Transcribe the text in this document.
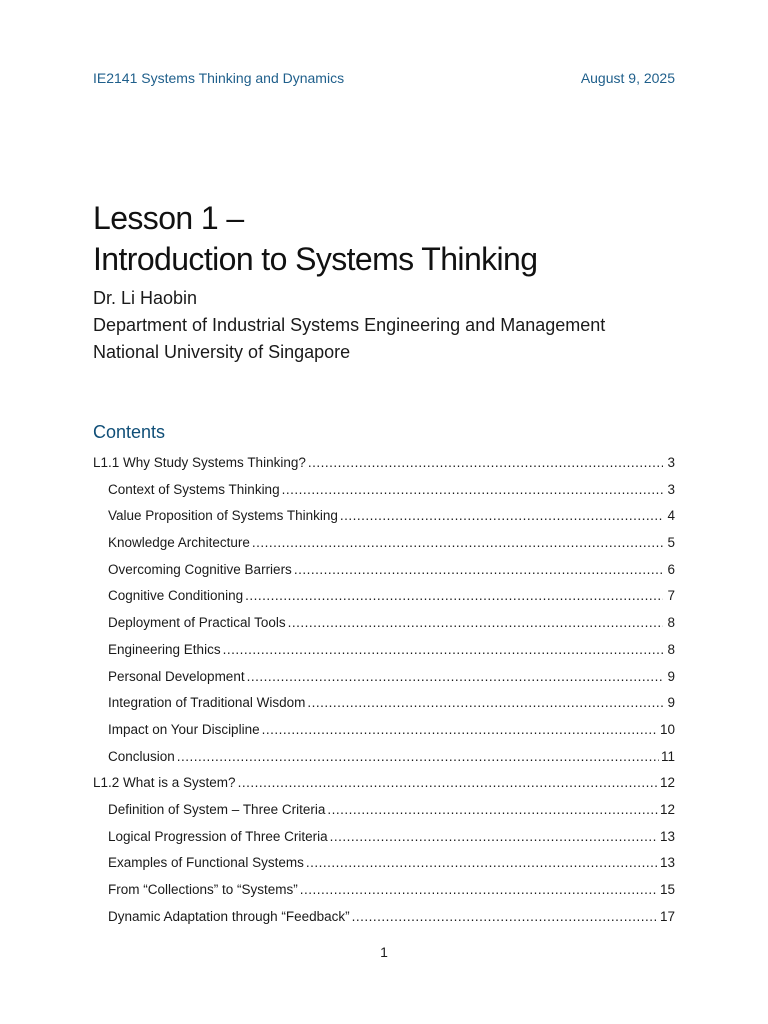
IE2141 Systems Thinking and Dynamics	August 9, 2025
Lesson 1 –
Introduction to Systems Thinking
Dr. Li Haobin
Department of Industrial Systems Engineering and Management
National University of Singapore
Contents
L1.1 Why Study Systems Thinking? .....	3
Context of Systems Thinking .....	3
Value Proposition of Systems Thinking .....	4
Knowledge Architecture .....	5
Overcoming Cognitive Barriers .....	6
Cognitive Conditioning .....	7
Deployment of Practical Tools .....	8
Engineering Ethics .....	8
Personal Development .....	9
Integration of Traditional Wisdom .....	9
Impact on Your Discipline .....	10
Conclusion .....	11
L1.2 What is a System? .....	12
Definition of System – Three Criteria .....	12
Logical Progression of Three Criteria .....	13
Examples of Functional Systems .....	13
From “Collections” to “Systems” .....	15
Dynamic Adaptation through “Feedback” .....	17
1
